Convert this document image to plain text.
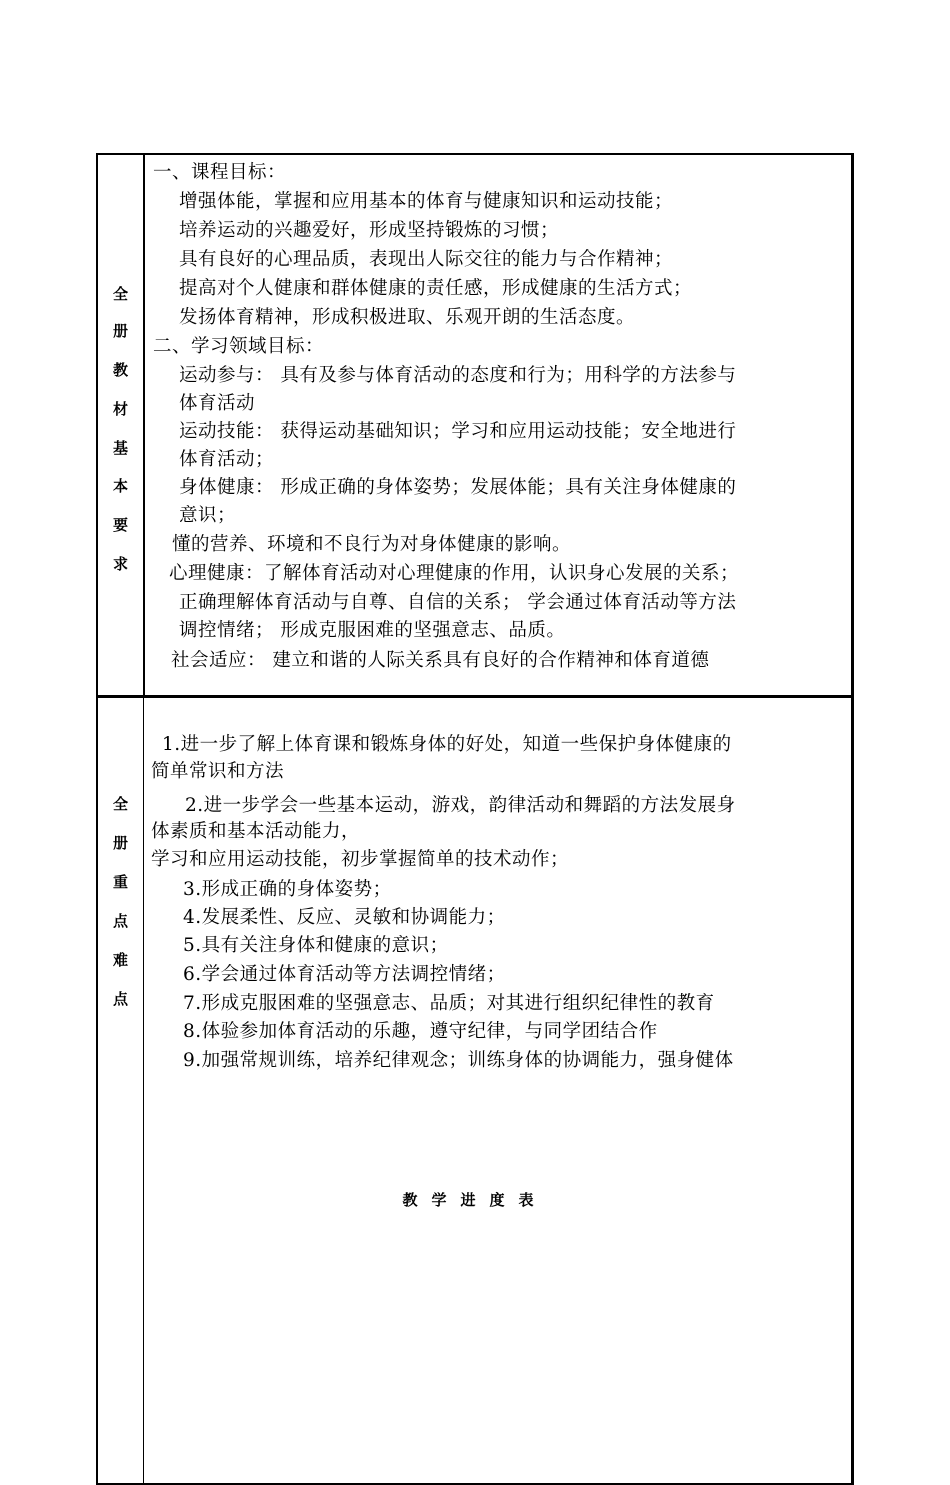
全
册
教
材
基
本
要
求
一、课程目标：
增强体能，掌握和应用基本的体育与健康知识和运动技能；
培养运动的兴趣爱好，形成坚持锻炼的习惯；
具有良好的心理品质，表现出人际交往的能力与合作精神；
提高对个人健康和群体健康的责任感，形成健康的生活方式；
发扬体育精神，形成积极进取、乐观开朗的生活态度。
二、学习领域目标：
运动参与： 具有及参与体育活动的态度和行为；用科学的方法参与
体育活动
运动技能： 获得运动基础知识；学习和应用运动技能；安全地进行
体育活动；
身体健康： 形成正确的身体姿势；发展体能；具有关注身体健康的
意识；
懂的营养、环境和不良行为对身体健康的影响。
心理健康：了解体育活动对心理健康的作用，认识身心发展的关系；
正确理解体育活动与自尊、自信的关系； 学会通过体育活动等方法
调控情绪； 形成克服困难的坚强意志、品质。
社会适应： 建立和谐的人际关系具有良好的合作精神和体育道德
全
册
重
点
难
点
1.进一步了解上体育课和锻炼身体的好处，知道一些保护身体健康的
简单常识和方法
2.进一步学会一些基本运动，游戏，韵律活动和舞蹈的方法发展身
体素质和基本活动能力，
学习和应用运动技能，初步掌握简单的技术动作；
3.形成正确的身体姿势；
4.发展柔性、反应、灵敏和协调能力；
5.具有关注身体和健康的意识；
6.学会通过体育活动等方法调控情绪；
7.形成克服困难的坚强意志、品质；对其进行组织纪律性的教育
8.体验参加体育活动的乐趣，遵守纪律，与同学团结合作
9.加强常规训练，培养纪律观念；训练身体的协调能力，强身健体
教学进度表
